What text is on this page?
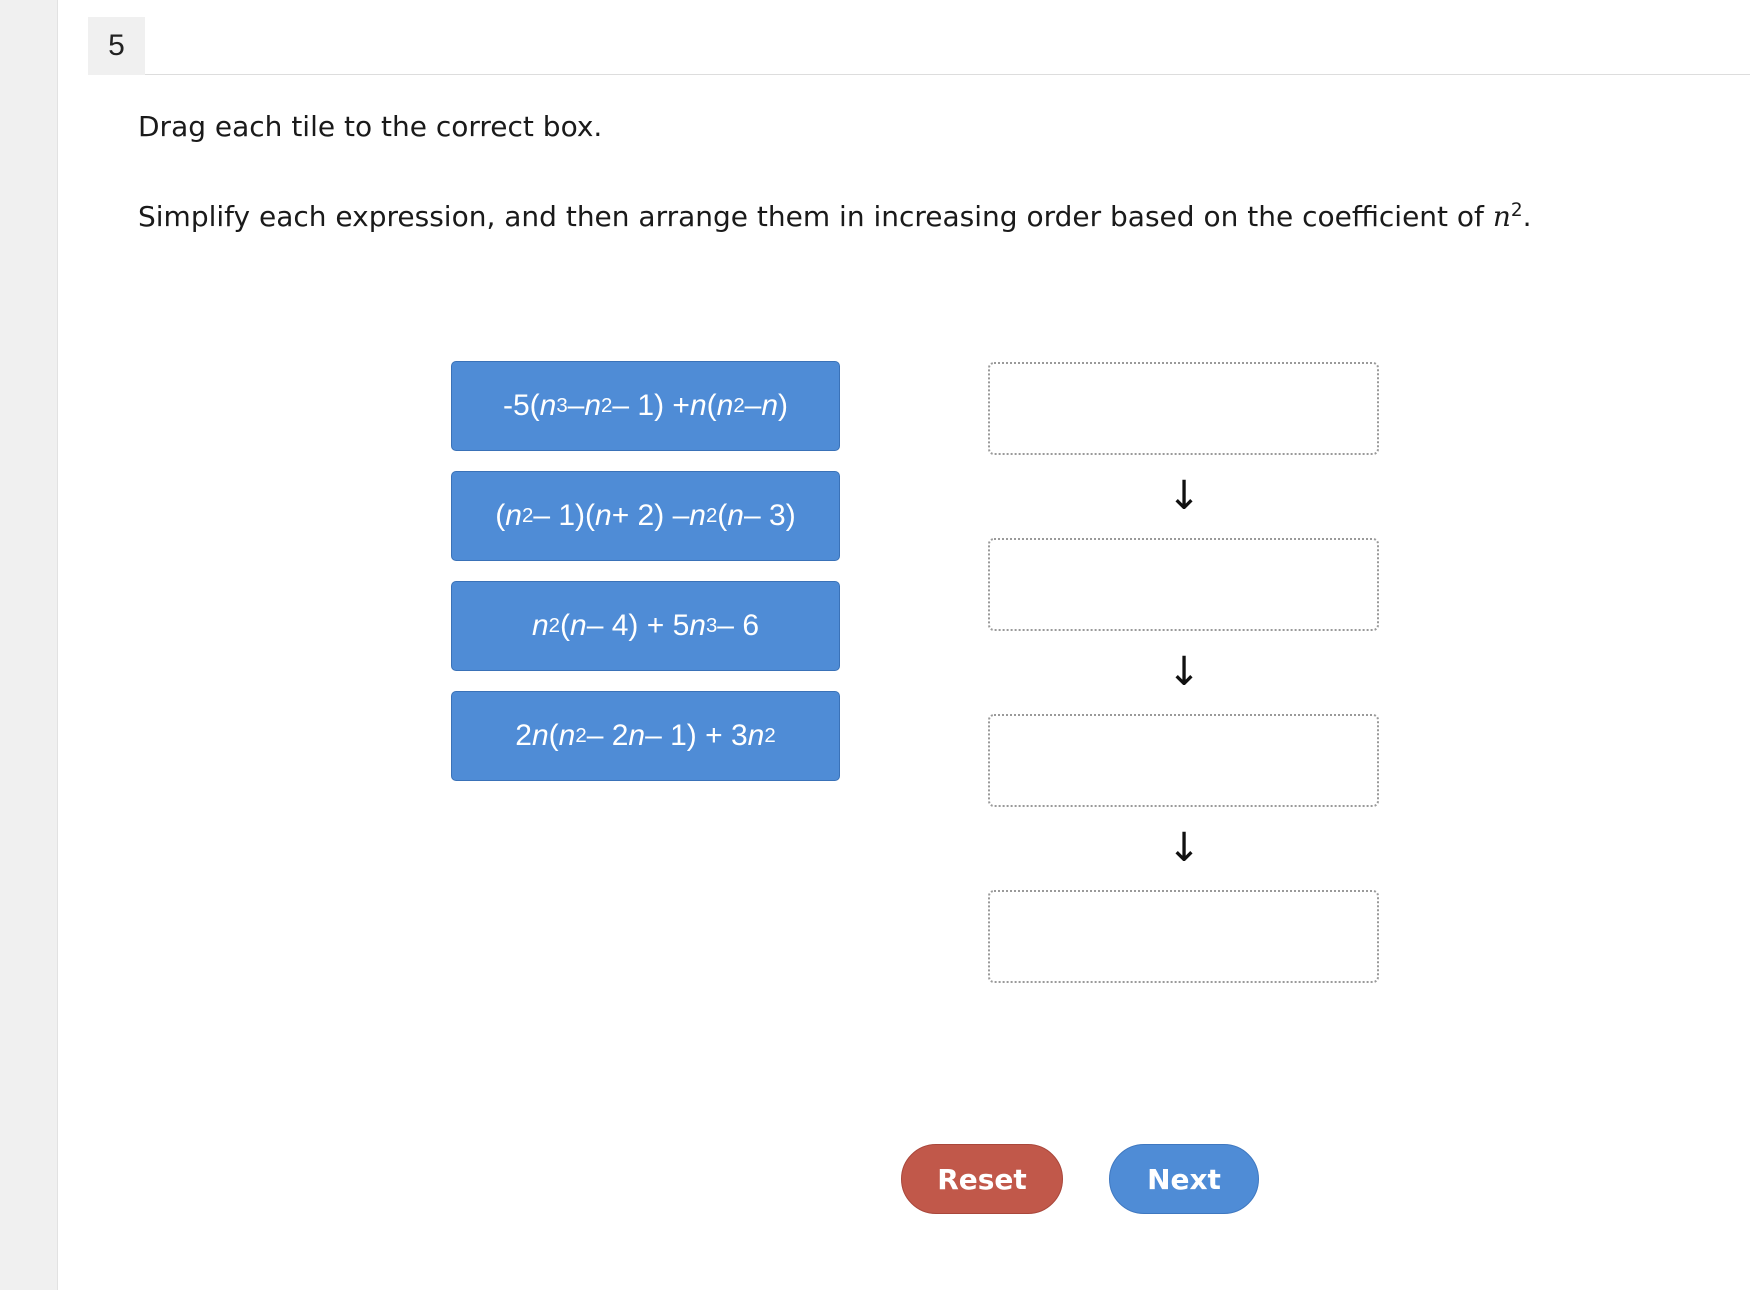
5
Drag each tile to the correct box.
Simplify each expression, and then arrange them in increasing order based on the coefficient of $n^2$.
-5( n 3 – n 2 – 1) + n ( n 2 – n )
( n 2 – 1)( n + 2) – n 2 ( n – 3)
n 2 ( n – 4) + 5 n 3 – 6
2 n ( n 2 – 2 n – 1) + 3 n 2
↓
↓
↓
Reset	Next
